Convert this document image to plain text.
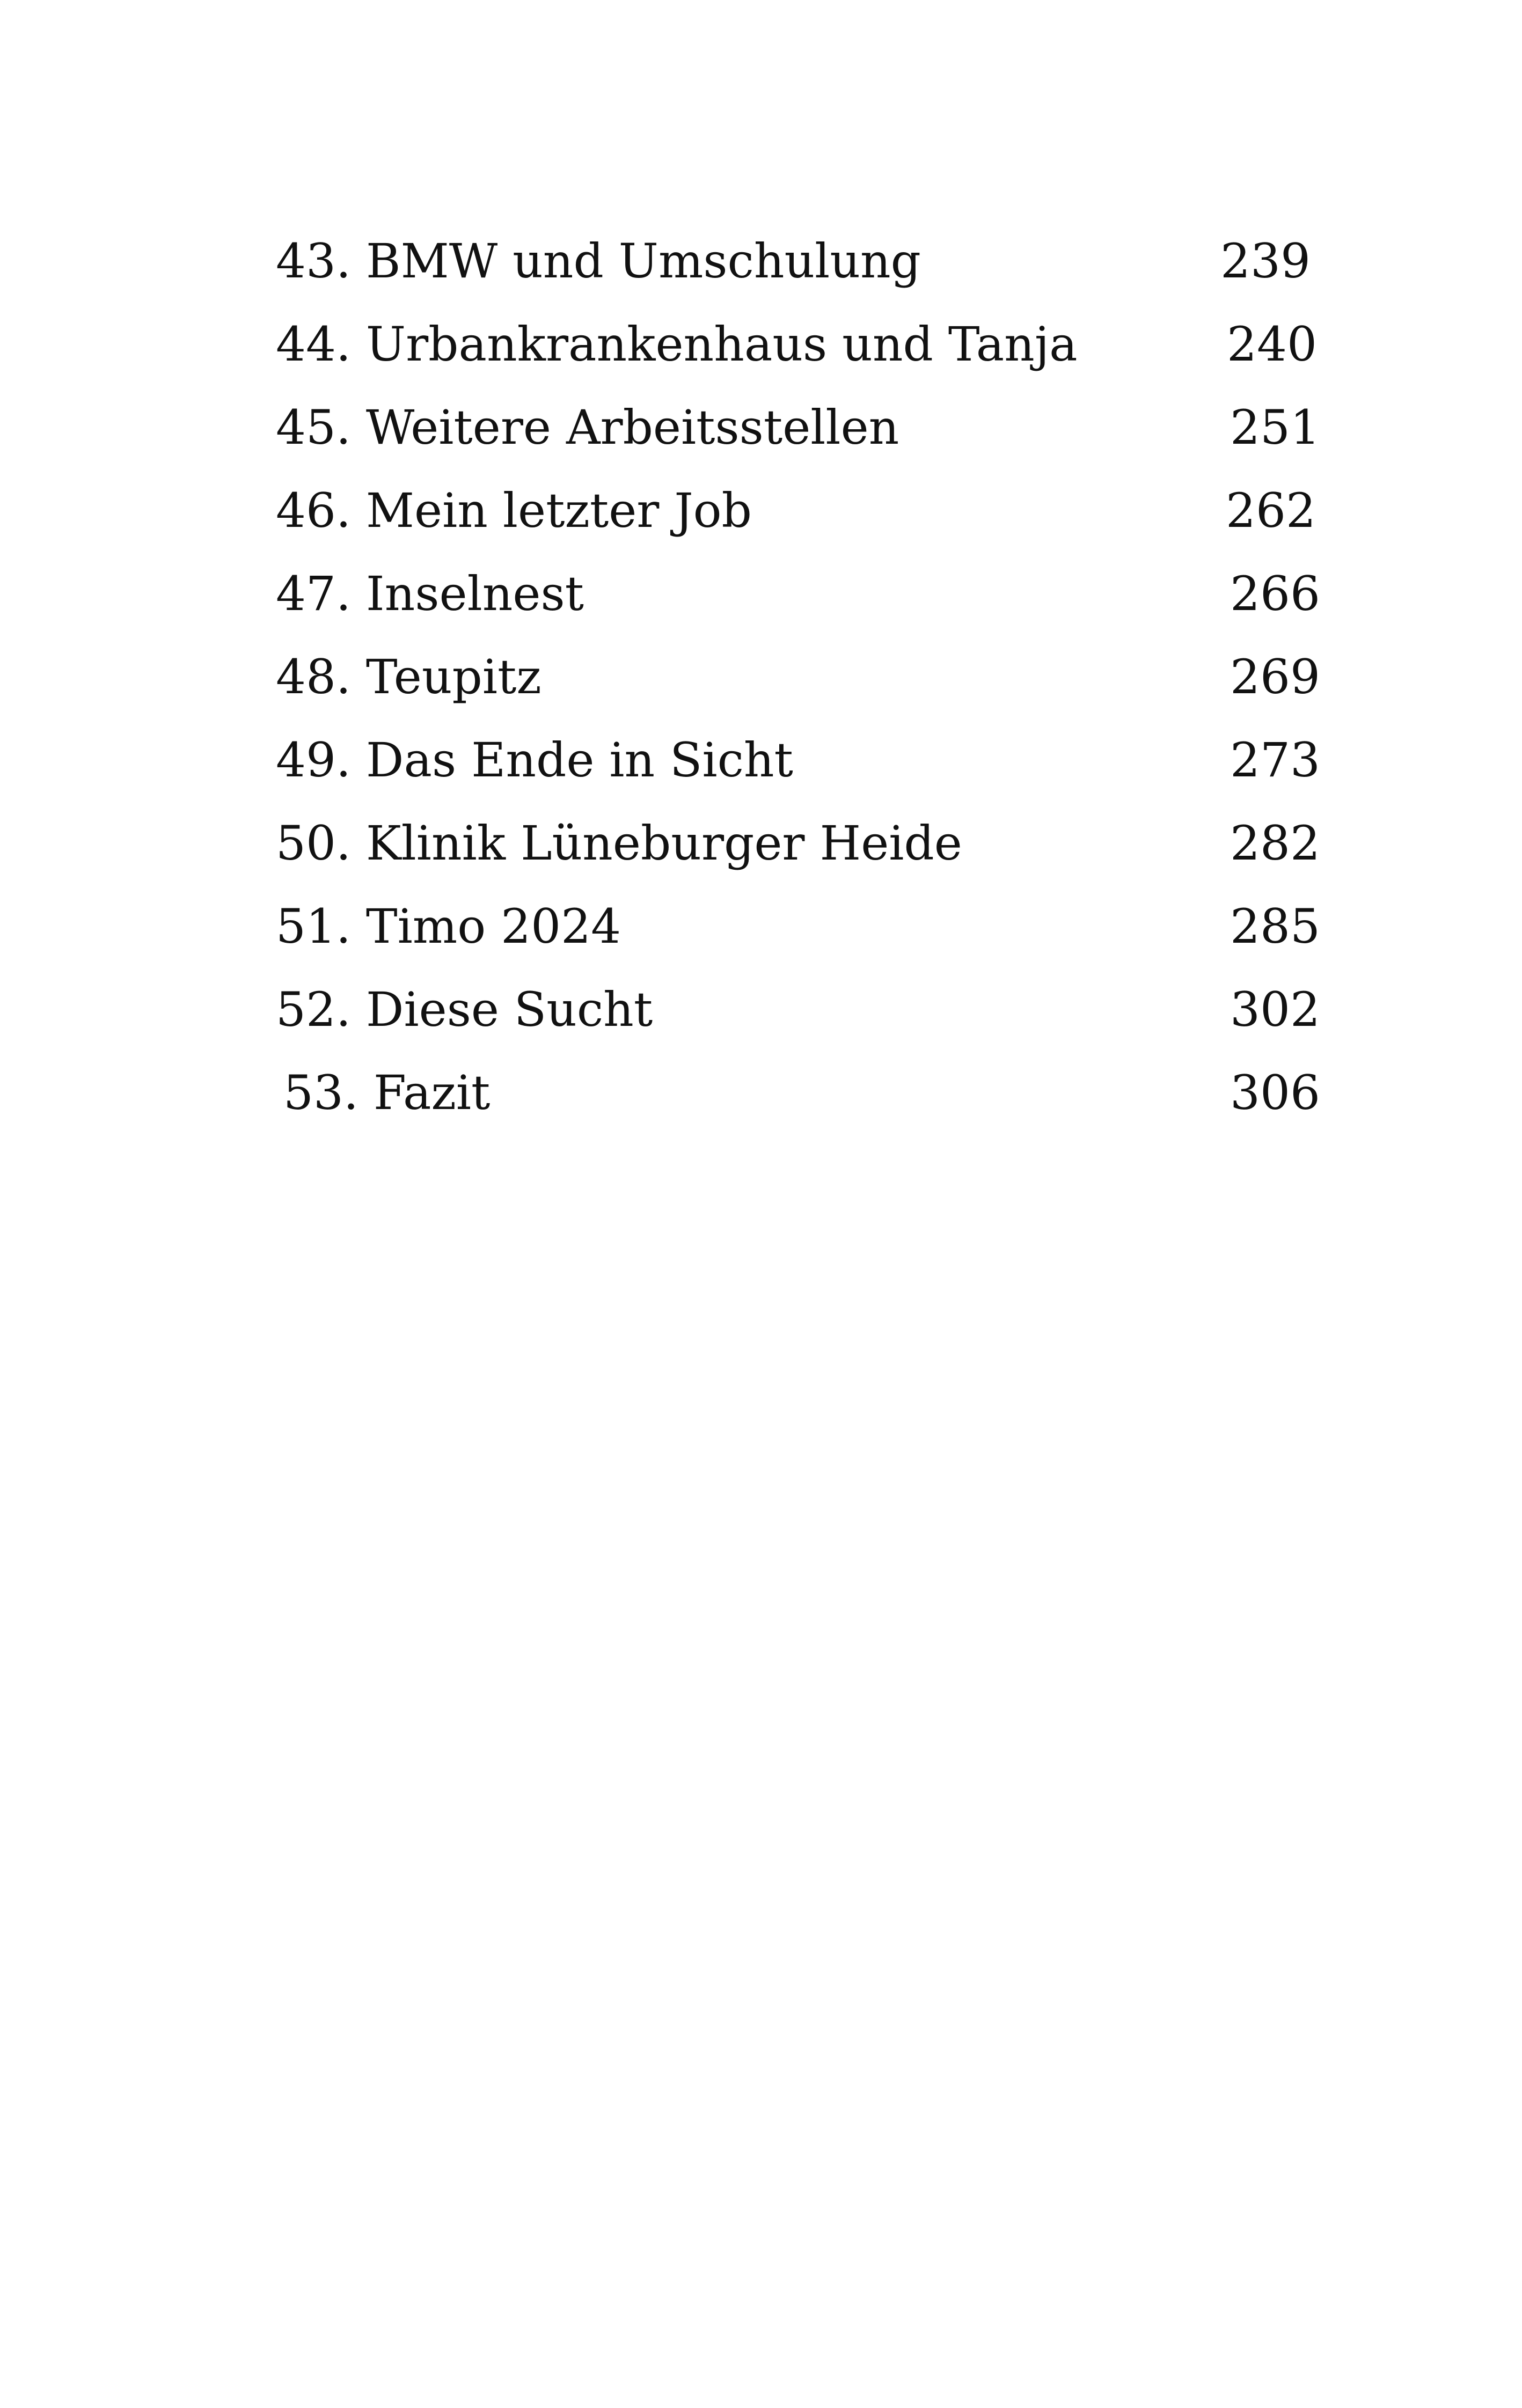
43. BMW und Umschulung	239
44. Urbankrankenhaus und Tanja	240
45. Weitere Arbeitsstellen	251
46. Mein letzter Job	262
47. Inselnest	266
48. Teupitz	269
49. Das Ende in Sicht	273
50. Klinik Lüneburger Heide	282
51. Timo 2024	285
52. Diese Sucht	302
53. Fazit	306
